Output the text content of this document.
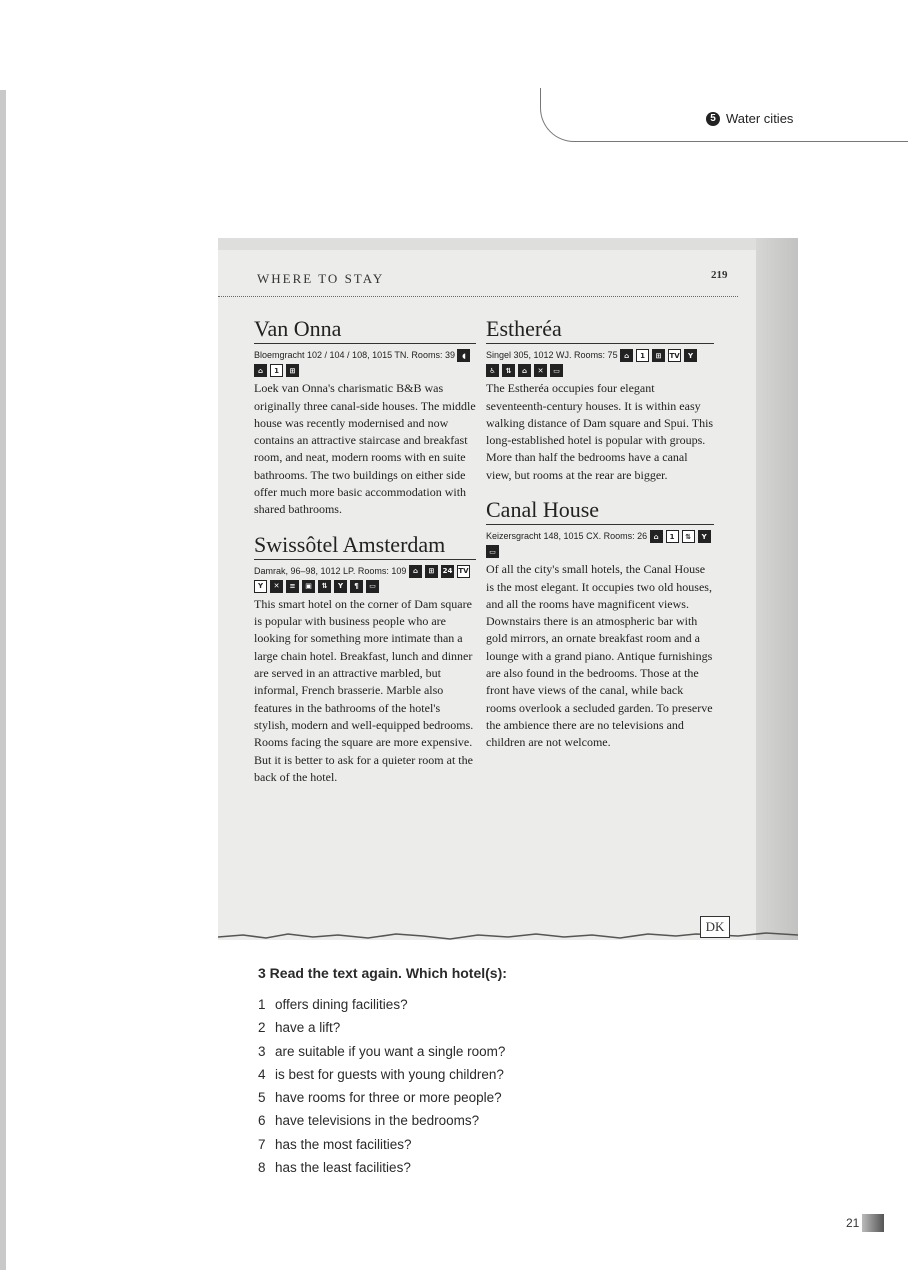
5 Water cities
WHERE TO STAY	219
Van Onna
Bloemgracht 102 / 104 / 108, 1015 TN. Rooms: 39 ◖⌂ 1 ⊞
Loek van Onna's charismatic B&B was originally three canal-side houses. The middle house was recently modernised and now contains an attractive staircase and breakfast room, and neat, modern rooms with en suite bathrooms. The two buildings on either side offer much more basic accommodation with shared bathrooms.
Swissôtel Amsterdam
Damrak, 96–98, 1012 LP. Rooms: 109 ⌂ ⊞ 24 TVY ✕ ≡ ▣ ⇅ Y ¶ ▭
This smart hotel on the corner of Dam square is popular with business people who are looking for something more intimate than a large chain hotel. Breakfast, lunch and dinner are served in an attractive marbled, but informal, French brasserie. Marble also features in the bathrooms of the hotel's stylish, modern and well-equipped bedrooms. Rooms facing the square are more expensive. But it is better to ask for a quieter room at the back of the hotel.
Estheréa
Singel 305, 1012 WJ. Rooms: 75 ⌂ 1 ⊞ TV Y♿ ⇅ ⌂ ✕ ▭
The Estheréa occupies four elegant seventeenth-century houses. It is within easy walking distance of Dam square and Spui. This long-established hotel is popular with groups. More than half the bedrooms have a canal view, but rooms at the rear are bigger.
Canal House
Keizersgracht 148, 1015 CX. Rooms: 26 ⌂ 1 ⇅ Y▭
Of all the city's small hotels, the Canal House is the most elegant. It occupies two old houses, and all the rooms have magnificent views. Downstairs there is an atmospheric bar with gold mirrors, an ornate breakfast room and a lounge with a grand piano. Antique furnishings are also found in the bedrooms. Those at the front have views of the canal, while back rooms overlook a secluded garden. To preserve the ambience there are no televisions and children are not welcome.
DK
3 Read the text again. Which hotel(s):
1 offers dining facilities?
2 have a lift?
3 are suitable if you want a single room?
4 is best for guests with young children?
5 have rooms for three or more people?
6 have televisions in the bedrooms?
7 has the most facilities?
8 has the least facilities?
21
